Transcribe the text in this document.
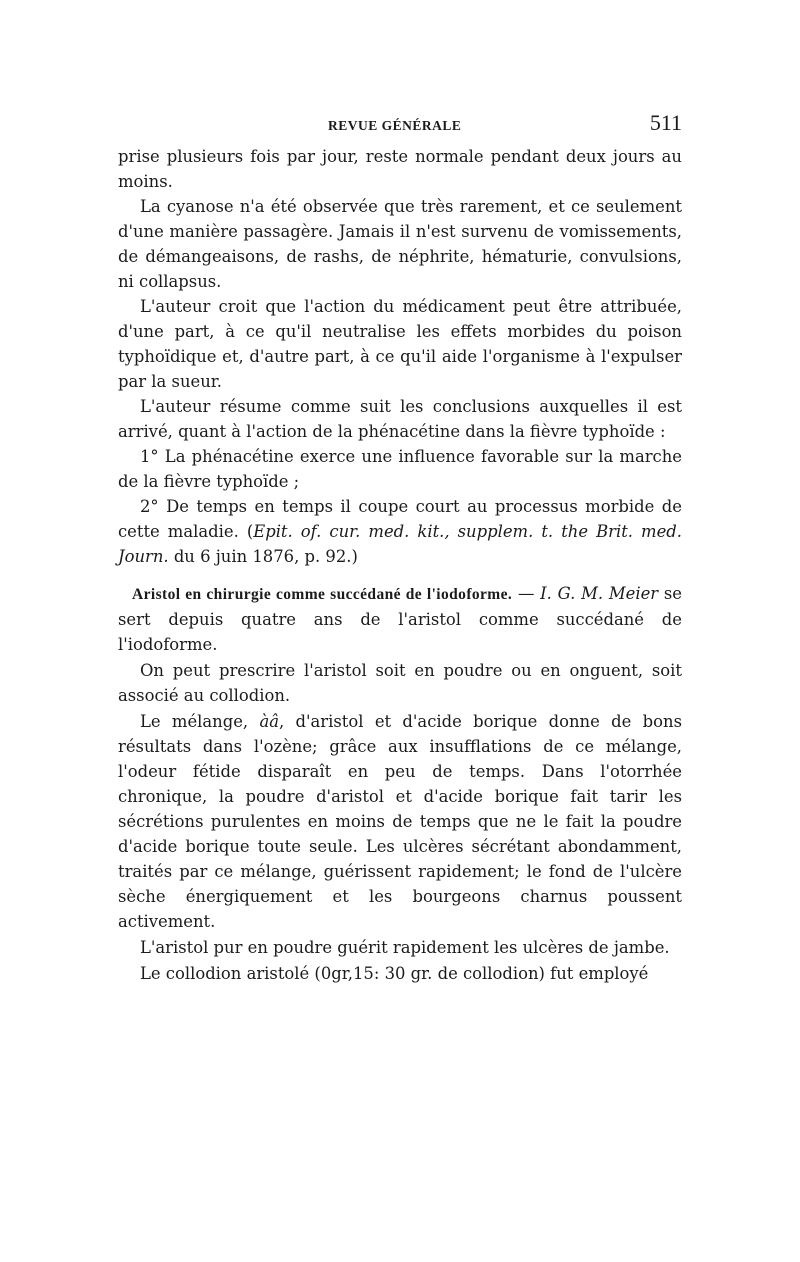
REVUE GÉNÉRALE	511

prise plusieurs fois par jour, reste normale pendant deux jours au moins.

La cyanose n'a été observée que très rarement, et ce seulement d'une manière passagère. Jamais il n'est survenu de vomissements, de démangeaisons, de rashs, de néphrite, hématurie, convulsions, ni collapsus.

L'auteur croit que l'action du médicament peut être attribuée, d'une part, à ce qu'il neutralise les effets morbides du poison typhoïdique et, d'autre part, à ce qu'il aide l'organisme à l'expulser par la sueur.

L'auteur résume comme suit les conclusions auxquelles il est arrivé, quant à l'action de la phénacétine dans la fièvre typhoïde :

1° La phénacétine exerce une influence favorable sur la marche de la fièvre typhoïde ;

2° De temps en temps il coupe court au processus morbide de cette maladie. (Epit. of. cur. med. kit., supplem. t. the Brit. med. Journ. du 6 juin 1876, p. 92.)

Aristol en chirurgie comme succédané de l'iodoforme. — I. G. M. Meier se sert depuis quatre ans de l'aristol comme succédané de l'iodoforme.

On peut prescrire l'aristol soit en poudre ou en onguent, soit associé au collodion.

Le mélange, àâ, d'aristol et d'acide borique donne de bons résultats dans l'ozène; grâce aux insufflations de ce mélange, l'odeur fétide disparaît en peu de temps. Dans l'otorrhée chronique, la poudre d'aristol et d'acide borique fait tarir les sécrétions purulentes en moins de temps que ne le fait la poudre d'acide borique toute seule. Les ulcères sécrétant abondamment, traités par ce mélange, guérissent rapidement; le fond de l'ulcère sèche énergiquement et les bourgeons charnus poussent activement.

L'aristol pur en poudre guérit rapidement les ulcères de jambe.

Le collodion aristolé (0gr,15: 30 gr. de collodion) fut employé
